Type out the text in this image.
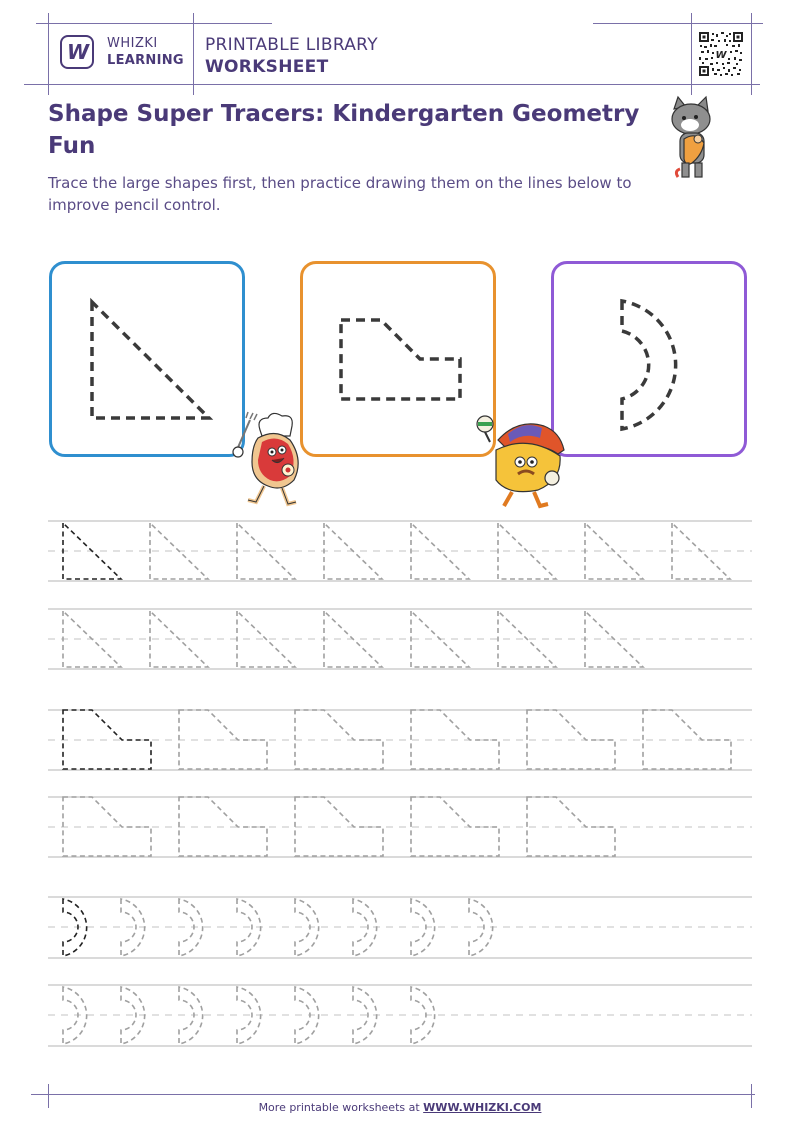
W WHIZKI
LEARNING
PRINTABLE LIBRARY
WORKSHEET
W
Shape Super Tracers: Kindergarten Geometry Fun
Trace the large shapes first, then practice drawing them on the lines below to improve pencil control.
More printable worksheets at WWW.WHIZKI.COM
